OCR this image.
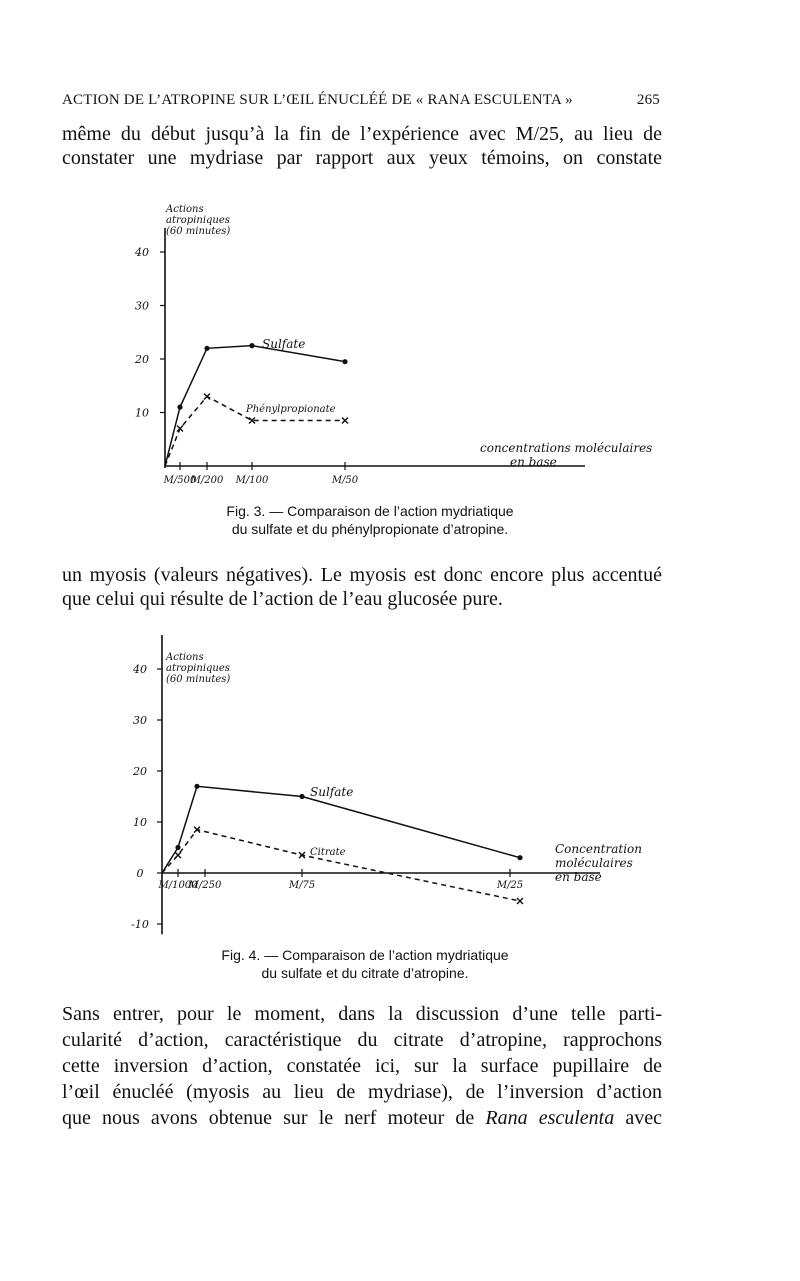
ACTION DE L’ATROPINE SUR L’ŒIL ÉNUCLÉÉ DE « RANA ESCULENTA »	265
même du début jusqu’à la fin de l’expérience avec M/25, au lieu de
constater une mydriase par rapport aux yeux témoins, on constate
10
20
30
40
M/500
M/200 M/100	M/50
Actions
atropiniques
(60 minutes)
concentrations moléculaires
en base
Sulfate
Phénylpropionate
-10
0
10
20
30
40
M/1000
M/250	M/75	M/25
Actions
atropiniques
(60 minutes)
Concentration
moléculaires
en base
Sulfate
Citrate
Fig. 3. — Comparaison de l’action mydriatique
du sulfate et du phénylpropionate d’atropine.
un myosis (valeurs négatives). Le myosis est donc encore plus accentué
que celui qui résulte de l’action de l’eau glucosée pure.
Fig. 4. — Comparaison de l’action mydriatique
du sulfate et du citrate d’atropine.
Sans entrer, pour le moment, dans la discussion d’une telle parti-
cularité d’action, caractéristique du citrate d’atropine, rapprochons
cette inversion d’action, constatée ici, sur la surface pupillaire de
l’œil énucléé (myosis au lieu de mydriase), de l’inversion d’action
que nous avons obtenue sur le nerf moteur de Rana esculenta avec
